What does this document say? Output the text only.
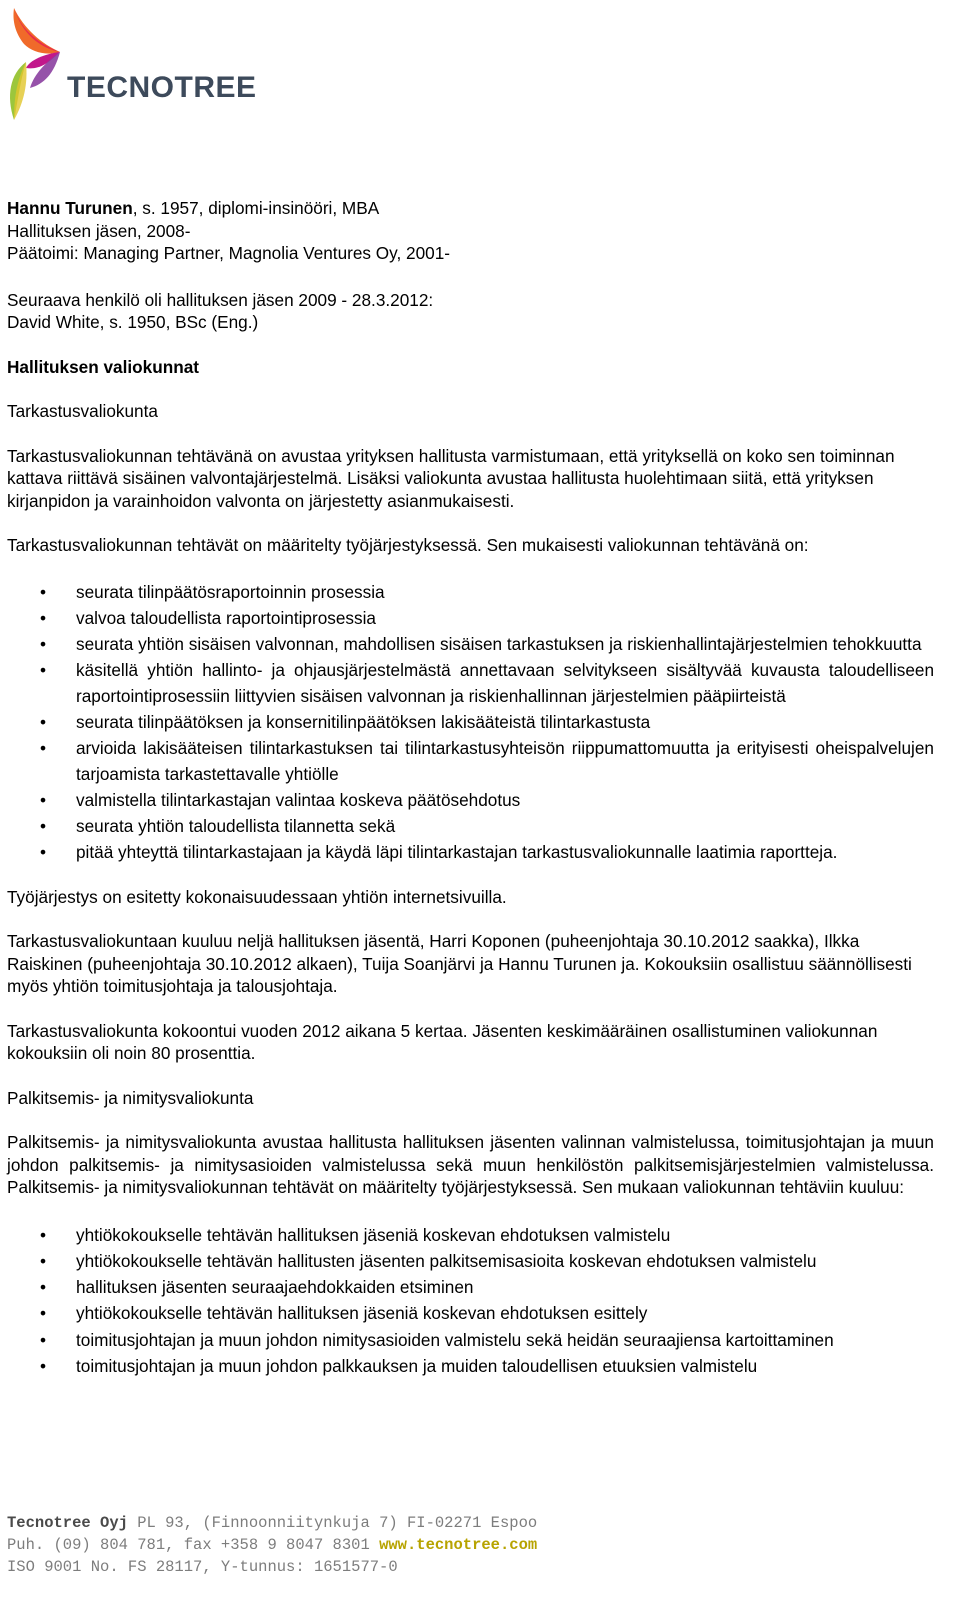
TECNOTREE
Hannu Turunen, s. 1957, diplomi-insinööri, MBA
Hallituksen jäsen, 2008-
Päätoimi: Managing Partner, Magnolia Ventures Oy, 2001-
Seuraava henkilö oli hallituksen jäsen 2009 - 28.3.2012:
David White, s. 1950, BSc (Eng.)
Hallituksen valiokunnat
Tarkastusvaliokunta

Tarkastusvaliokunnan tehtävänä on avustaa yrityksen hallitusta varmistumaan, että yrityksellä on koko sen toiminnan kattava riittävä sisäinen valvontajärjestelmä. Lisäksi valiokunta avustaa hallitusta huolehtimaan siitä, että yrityksen kirjanpidon ja varainhoidon valvonta on järjestetty asianmukaisesti.

Tarkastusvaliokunnan tehtävät on määritelty työjärjestyksessä. Sen mukaisesti valiokunnan tehtävänä on:

• seurata tilinpäätösraportoinnin prosessia
• valvoa taloudellista raportointiprosessia
• seurata yhtiön sisäisen valvonnan, mahdollisen sisäisen tarkastuksen ja riskienhallintajärjestelmien tehokkuutta
• käsitellä yhtiön hallinto- ja ohjausjärjestelmästä annettavaan selvitykseen sisältyvää kuvausta taloudelliseen raportointiprosessiin liittyvien sisäisen valvonnan ja riskienhallinnan järjestelmien pääpiirteistä
• seurata tilinpäätöksen ja konsernitilinpäätöksen lakisääteistä tilintarkastusta
• arvioida lakisääteisen tilintarkastuksen tai tilintarkastusyhteisön riippumattomuutta ja erityisesti oheispalvelujen tarjoamista tarkastettavalle yhtiölle
• valmistella tilintarkastajan valintaa koskeva päätösehdotus
• seurata yhtiön taloudellista tilannetta sekä
• pitää yhteyttä tilintarkastajaan ja käydä läpi tilintarkastajan tarkastusvaliokunnalle laatimia raportteja.

Työjärjestys on esitetty kokonaisuudessaan yhtiön internetsivuilla.

Tarkastusvaliokuntaan kuuluu neljä hallituksen jäsentä, Harri Koponen (puheenjohtaja 30.10.2012 saakka), Ilkka Raiskinen (puheenjohtaja 30.10.2012 alkaen), Tuija Soanjärvi ja Hannu Turunen ja. Kokouksiin osallistuu säännöllisesti myös yhtiön toimitusjohtaja ja talousjohtaja.

Tarkastusvaliokunta kokoontui vuoden 2012 aikana 5 kertaa. Jäsenten keskimääräinen osallistuminen valiokunnan kokouksiin oli noin 80 prosenttia.

Palkitsemis- ja nimitysvaliokunta

Palkitsemis- ja nimitysvaliokunta avustaa hallitusta hallituksen jäsenten valinnan valmistelussa, toimitusjohtajan ja muun johdon palkitsemis- ja nimitysasioiden valmistelussa sekä muun henkilöstön palkitsemisjärjestelmien valmistelussa. Palkitsemis- ja nimitysvaliokunnan tehtävät on määritelty työjärjestyksessä. Sen mukaan valiokunnan tehtäviin kuuluu:

• yhtiökokoukselle tehtävän hallituksen jäseniä koskevan ehdotuksen valmistelu
• yhtiökokoukselle tehtävän hallitusten jäsenten palkitsemisasioita koskevan ehdotuksen valmistelu
• hallituksen jäsenten seuraajaehdokkaiden etsiminen
• yhtiökokoukselle tehtävän hallituksen jäseniä koskevan ehdotuksen esittely
• toimitusjohtajan ja muun johdon nimitysasioiden valmistelu sekä heidän seuraajiensa kartoittaminen
• toimitusjohtajan ja muun johdon palkkauksen ja muiden taloudellisen etuuksien valmistelu
Tecnotree Oyj PL 93, (Finnoonniitynkuja 7) FI-02271 Espoo
Puh. (09) 804 781, fax +358 9 8047 8301 www.tecnotree.com
ISO 9001 No. FS 28117, Y-tunnus: 1651577-0
